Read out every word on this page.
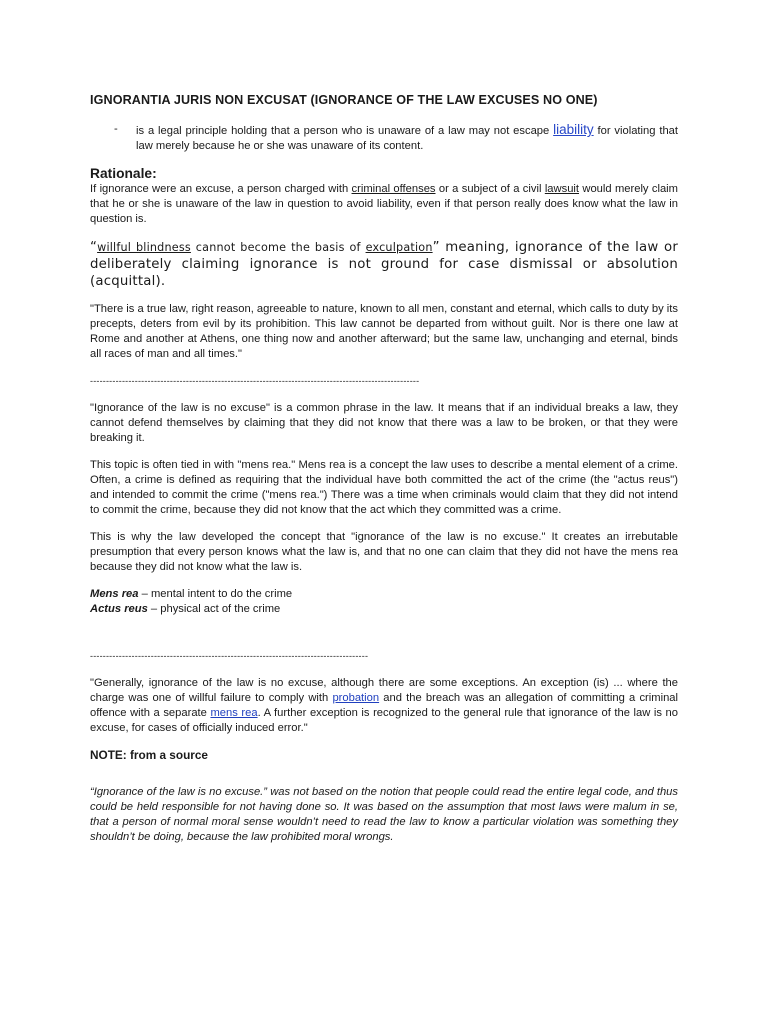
IGNORANTIA JURIS NON EXCUSAT (IGNORANCE OF THE LAW EXCUSES NO ONE)
-	is a legal principle holding that a person who is unaware of a law may not escape liability for violating that law merely because he or she was unaware of its content.
Rationale:
If ignorance were an excuse, a person charged with criminal offenses or a subject of a civil lawsuit would merely claim that he or she is unaware of the law in question to avoid liability, even if that person really does know what the law in question is.
“willful blindness cannot become the basis of exculpation” meaning, ignorance of the law or deliberately claiming ignorance is not ground for case dismissal or absolution (acquittal).
"There is a true law, right reason, agreeable to nature, known to all men, constant and eternal, which calls to duty by its precepts, deters from evil by its prohibition. This law cannot be departed from without guilt. Nor is there one law at Rome and another at Athens, one thing now and another afterward; but the same law, unchanging and eternal, binds all races of man and all times."
-------------------------------------------------------------------------------------------------------
"Ignorance of the law is no excuse" is a common phrase in the law. It means that if an individual breaks a law, they cannot defend themselves by claiming that they did not know that there was a law to be broken, or that they were breaking it.
This topic is often tied in with "mens rea." Mens rea is a concept the law uses to describe a mental element of a crime. Often, a crime is defined as requiring that the individual have both committed the act of the crime (the "actus reus") and intended to commit the crime ("mens rea.") There was a time when criminals would claim that they did not intend to commit the crime, because they did not know that the act which they committed was a crime.
This is why the law developed the concept that "ignorance of the law is no excuse." It creates an irrebutable presumption that every person knows what the law is, and that no one can claim that they did not have the mens rea because they did not know what the law is.
Mens rea – mental intent to do the crime
Actus reus – physical act of the crime
---------------------------------------------------------------------------------------
"Generally, ignorance of the law is no excuse, although there are some exceptions. An exception (is) ... where the charge was one of willful failure to comply with probation and the breach was an allegation of committing a criminal offence with a separate mens rea. A further exception is recognized to the general rule that ignorance of the law is no excuse, for cases of officially induced error."
NOTE: from a source
“Ignorance of the law is no excuse.” was not based on the notion that people could read the entire legal code, and thus could be held responsible for not having done so. It was based on the assumption that most laws were malum in se, that a person of normal moral sense wouldn’t need to read the law to know a particular violation was something they shouldn’t be doing, because the law prohibited moral wrongs.
